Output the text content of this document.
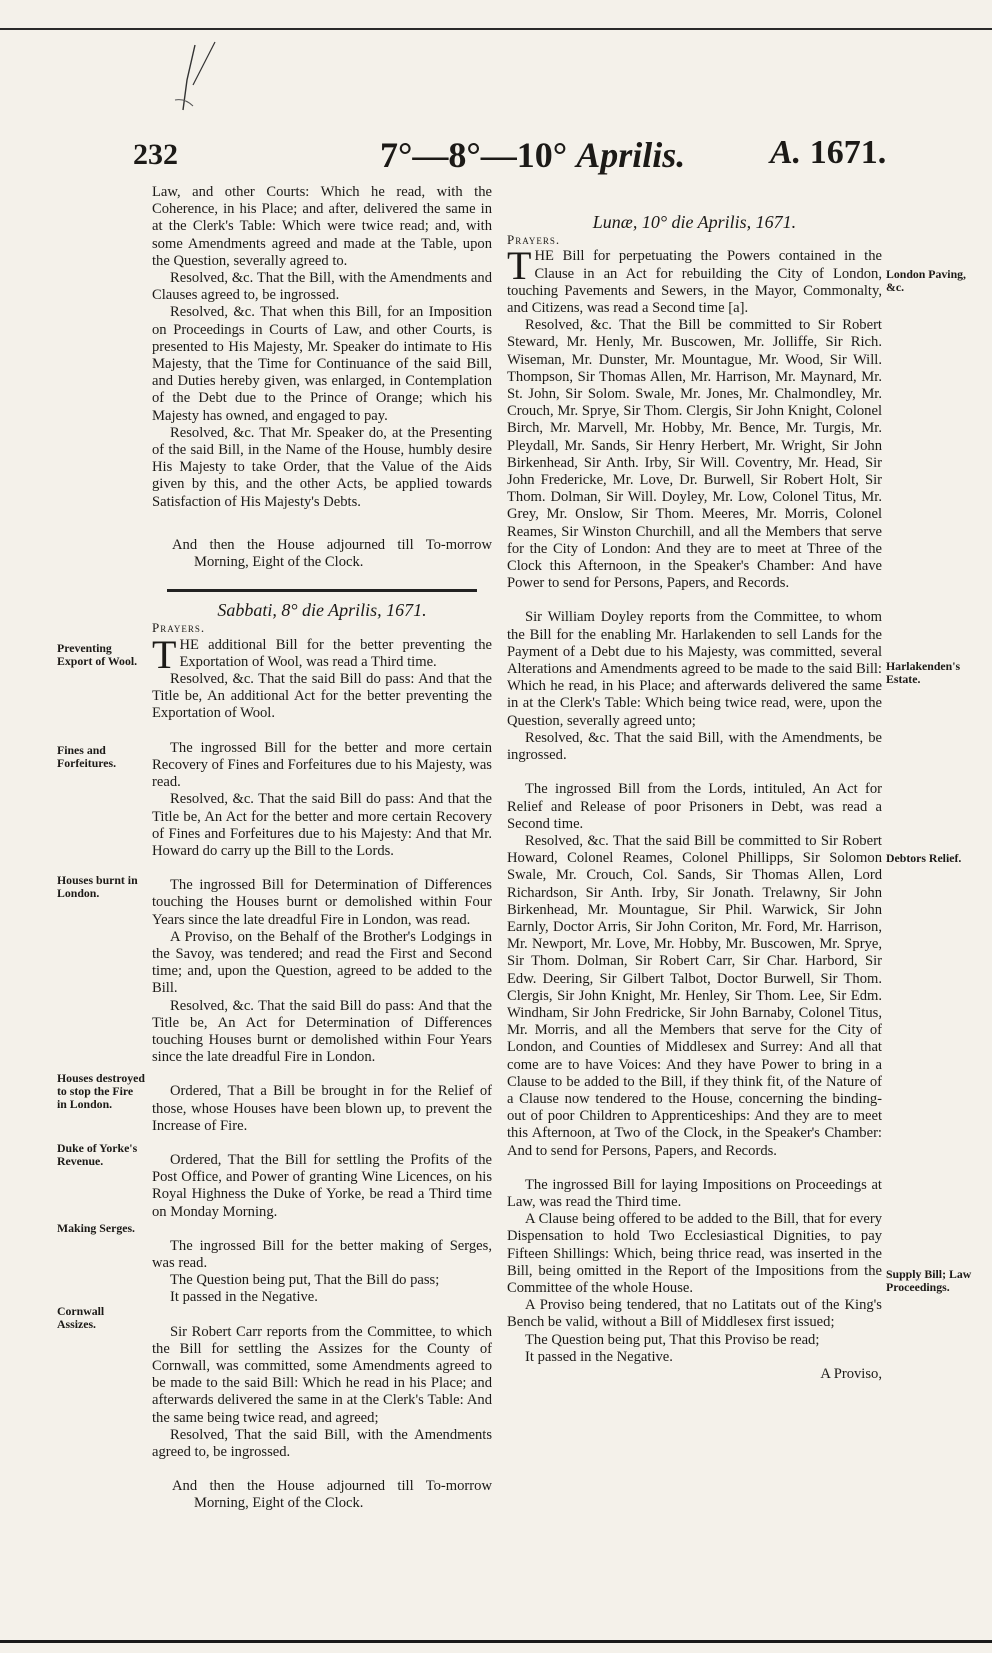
232	7°—8°—10° Aprilis. A. 1671.

Law, and other Courts: Which he read, with the Coherence, in his Place; and after, delivered the same in at the Clerk's Table: Which were twice read; and, with some Amendments agreed and made at the Table, upon the Question, severally agreed to.

Resolved, &c. That the Bill, with the Amendments and Clauses agreed to, be ingrossed.

Resolved, &c. That when this Bill, for an Imposition on Proceedings in Courts of Law, and other Courts, is presented to His Majesty, Mr. Speaker do intimate to His Majesty, that the Time for Continuance of the said Bill, and Duties hereby given, was enlarged, in Contemplation of the Debt due to the Prince of Orange; which his Majesty has owned, and engaged to pay.

Resolved, &c. That Mr. Speaker do, at the Presenting of the said Bill, in the Name of the House, humbly desire His Majesty to take Order, that the Value of the Aids given by this, and the other Acts, be applied towards Satisfaction of His Majesty's Debts.

And then the House adjourned till To-morrow Morning, Eight of the Clock.

Sabbati, 8° die Aprilis, 1671.

Prayers.

THE additional Bill for the better preventing the Exportation of Wool, was read a Third time.

Resolved, &c. That the said Bill do pass: And that the Title be, An additional Act for the better preventing the Exportation of Wool.

The ingrossed Bill for the better and more certain Recovery of Fines and Forfeitures due to his Majesty, was read.

Resolved, &c. That the said Bill do pass: And that the Title be, An Act for the better and more certain Recovery of Fines and Forfeitures due to his Majesty: And that Mr. Howard do carry up the Bill to the Lords.

The ingrossed Bill for Determination of Differences touching the Houses burnt or demolished within Four Years since the late dreadful Fire in London, was read.

A Proviso, on the Behalf of the Brother's Lodgings in the Savoy, was tendered; and read the First and Second time; and, upon the Question, agreed to be added to the Bill.

Resolved, &c. That the said Bill do pass: And that the Title be, An Act for Determination of Differences touching Houses burnt or demolished within Four Years since the late dreadful Fire in London.

Ordered, That a Bill be brought in for the Relief of those, whose Houses have been blown up, to prevent the Increase of Fire.

Ordered, That the Bill for settling the Profits of the Post Office, and Power of granting Wine Licences, on his Royal Highness the Duke of Yorke, be read a Third time on Monday Morning.

The ingrossed Bill for the better making of Serges, was read.

The Question being put, That the Bill do pass;

It passed in the Negative.

Sir Robert Carr reports from the Committee, to which the Bill for settling the Assizes for the County of Cornwall, was committed, some Amendments agreed to be made to the said Bill: Which he read in his Place; and afterwards delivered the same in at the Clerk's Table: And the same being twice read, and agreed;

Resolved, That the said Bill, with the Amendments agreed to, be ingrossed.

And then the House adjourned till To-morrow Morning, Eight of the Clock.

Lunæ, 10° die Aprilis, 1671.

Prayers.

THE Bill for perpetuating the Powers contained in the Clause in an Act for rebuilding the City of London, touching Pavements and Sewers, in the Mayor, Commonalty, and Citizens, was read a Second time [a].

Resolved, &c. That the Bill be committed to Sir Robert Steward, Mr. Henly, Mr. Buscowen, Mr. Jolliffe, Sir Rich. Wiseman, Mr. Dunster, Mr. Mountague, Mr. Wood, Sir Will. Thompson, Sir Thomas Allen, Mr. Harrison, Mr. Maynard, Mr. St. John, Sir Solom. Swale, Mr. Jones, Mr. Chalmondley, Mr. Crouch, Mr. Sprye, Sir Thom. Clergis, Sir John Knight, Colonel Birch, Mr. Marvell, Mr. Hobby, Mr. Bence, Mr. Turgis, Mr. Pleydall, Mr. Sands, Sir Henry Herbert, Mr. Wright, Sir John Birkenhead, Sir Anth. Irby, Sir Will. Coventry, Mr. Head, Sir John Fredericke, Mr. Love, Dr. Burwell, Sir Robert Holt, Sir Thom. Dolman, Sir Will. Doyley, Mr. Low, Colonel Titus, Mr. Grey, Mr. Onslow, Sir Thom. Meeres, Mr. Morris, Colonel Reames, Sir Winston Churchill, and all the Members that serve for the City of London: And they are to meet at Three of the Clock this Afternoon, in the Speaker's Chamber: And have Power to send for Persons, Papers, and Records.

Sir William Doyley reports from the Committee, to whom the Bill for the enabling Mr. Harlakenden to sell Lands for the Payment of a Debt due to his Majesty, was committed, several Alterations and Amendments agreed to be made to the said Bill: Which he read, in his Place; and afterwards delivered the same in at the Clerk's Table: Which being twice read, were, upon the Question, severally agreed unto;

Resolved, &c. That the said Bill, with the Amendments, be ingrossed.

The ingrossed Bill from the Lords, intituled, An Act for Relief and Release of poor Prisoners in Debt, was read a Second time.

Resolved, &c. That the said Bill be committed to Sir Robert Howard, Colonel Reames, Colonel Phillipps, Sir Solomon Swale, Mr. Crouch, Col. Sands, Sir Thomas Allen, Lord Richardson, Sir Anth. Irby, Sir Jonath. Trelawny, Sir John Birkenhead, Mr. Mountague, Sir Phil. Warwick, Sir John Earnly, Doctor Arris, Sir John Coriton, Mr. Ford, Mr. Harrison, Mr. Newport, Mr. Love, Mr. Hobby, Mr. Buscowen, Mr. Sprye, Sir Thom. Dolman, Sir Robert Carr, Sir Char. Harbord, Sir Edw. Deering, Sir Gilbert Talbot, Doctor Burwell, Sir Thom. Clergis, Sir John Knight, Mr. Henley, Sir Thom. Lee, Sir Edm. Windham, Sir John Fredricke, Sir John Barnaby, Colonel Titus, Mr. Morris, and all the Members that serve for the City of London, and Counties of Middlesex and Surrey: And all that come are to have Voices: And they have Power to bring in a Clause to be added to the Bill, if they think fit, of the Nature of a Clause now tendered to the House, concerning the binding-out of poor Children to Apprenticeships: And they are to meet this Afternoon, at Two of the Clock, in the Speaker's Chamber: And to send for Persons, Papers, and Records.

The ingrossed Bill for laying Impositions on Proceedings at Law, was read the Third time.

A Clause being offered to be added to the Bill, that for every Dispensation to hold Two Ecclesiastical Dignities, to pay Fifteen Shillings: Which, being thrice read, was inserted in the Bill, being omitted in the Report of the Impositions from the Committee of the whole House.

A Proviso being tendered, that no Latitats out of the King's Bench be valid, without a Bill of Middlesex first issued;

The Question being put, That this Proviso be read;

It passed in the Negative.

A Proviso,

Preventing Export of Wool.
Fines and Forfeitures.
Houses burnt in London.
Houses destroyed to stop the Fire in London.
Duke of Yorke's Revenue.
Making Serges.
Cornwall Assizes.
London Paving, &c.
Harlakenden's Estate.
Debtors Relief.
Supply Bill; Law Proceedings.
